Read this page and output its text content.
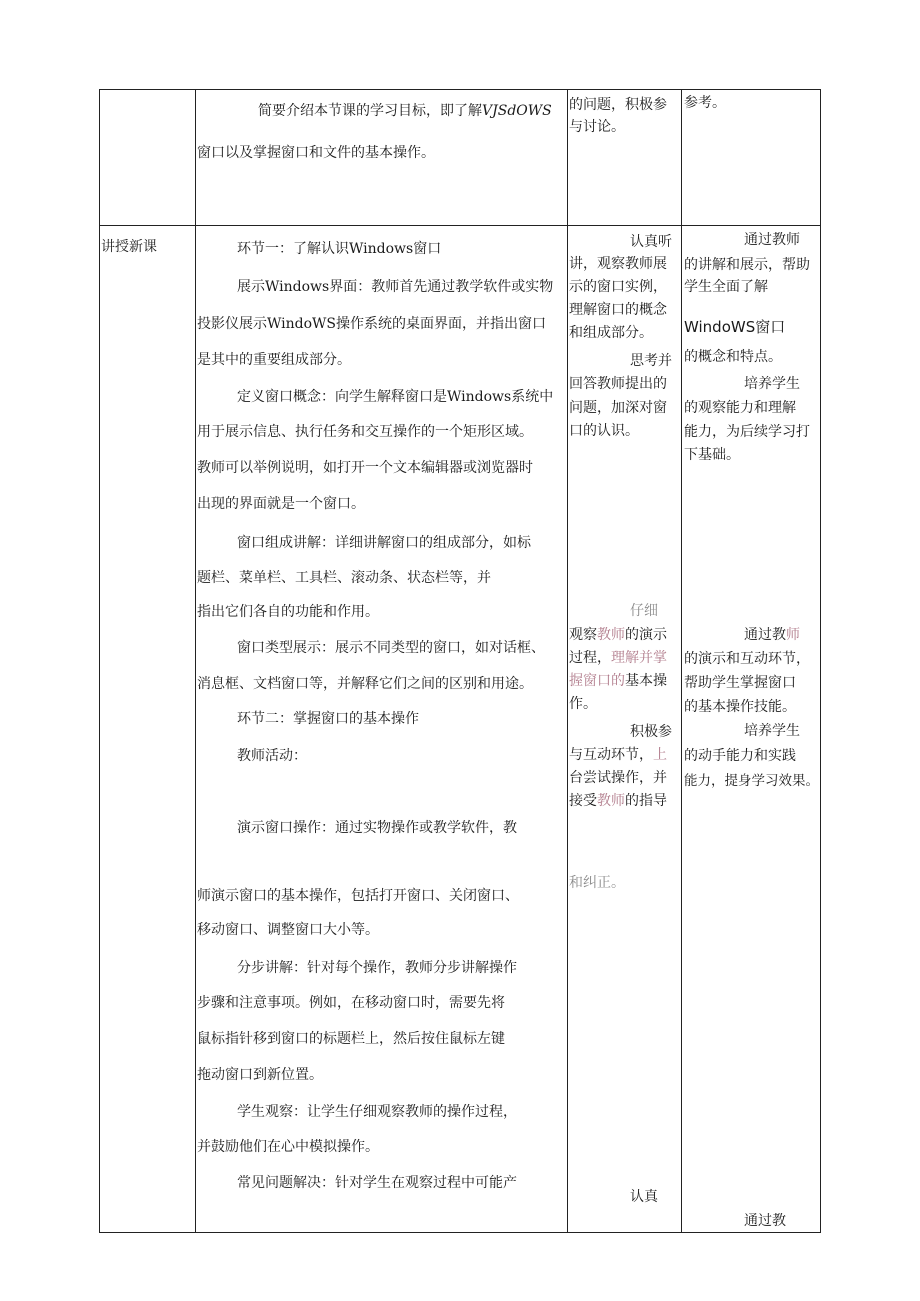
简要介绍本节课的学习目标，即了解VJSdOWS
窗口以及掌握窗口和文件的基本操作。
的问题，积极参
与讨论。
参考。
讲授新课	环节一：了解认识Windows窗口
展示Windows界面：教师首先通过教学软件或实物
投影仪展示WindoWS操作系统的桌面界面，并指出窗口
是其中的重要组成部分。
定义窗口概念：向学生解释窗口是Windows系统中
用于展示信息、执行任务和交互操作的一个矩形区域。
教师可以举例说明，如打开一个文本编辑器或浏览器时
出现的界面就是一个窗口。
窗口组成讲解：详细讲解窗口的组成部分，如标
题栏、菜单栏、工具栏、滚动条、状态栏等，并
指出它们各自的功能和作用。
窗口类型展示：展示不同类型的窗口，如对话框、
消息框、文档窗口等，并解释它们之间的区别和用途。
环节二：掌握窗口的基本操作
教师活动：
演示窗口操作：通过实物操作或教学软件，教
师演示窗口的基本操作，包括打开窗口、关闭窗口、
移动窗口、调整窗口大小等。
分步讲解：针对每个操作，教师分步讲解操作
步骤和注意事项。例如，在移动窗口时，需要先将
鼠标指针移到窗口的标题栏上，然后按住鼠标左键
拖动窗口到新位置。
学生观察：让学生仔细观察教师的操作过程，
并鼓励他们在心中模拟操作。
常见问题解决：针对学生在观察过程中可能产
认真听
讲，观察教师展
示的窗口实例，
理解窗口的概念
和组成部分。
思考并
回答教师提出的
问题，加深对窗
口的认识。
仔细
观察教师的演示
过程，理解并掌
握窗口的基本操
作。
积极参
与互动环节，上
台尝试操作，并
接受教师的指导
和纠正。
认真
通过教师
的讲解和展示，帮助
学生全面了解
WindoWS窗口
的概念和特点。
培养学生
的观察能力和理解
能力，为后续学习打
下基础。
通过教师
的演示和互动环节，
帮助学生掌握窗口
的基本操作技能。
培养学生
的动手能力和实践
能力，提身学习效果。
通过教
